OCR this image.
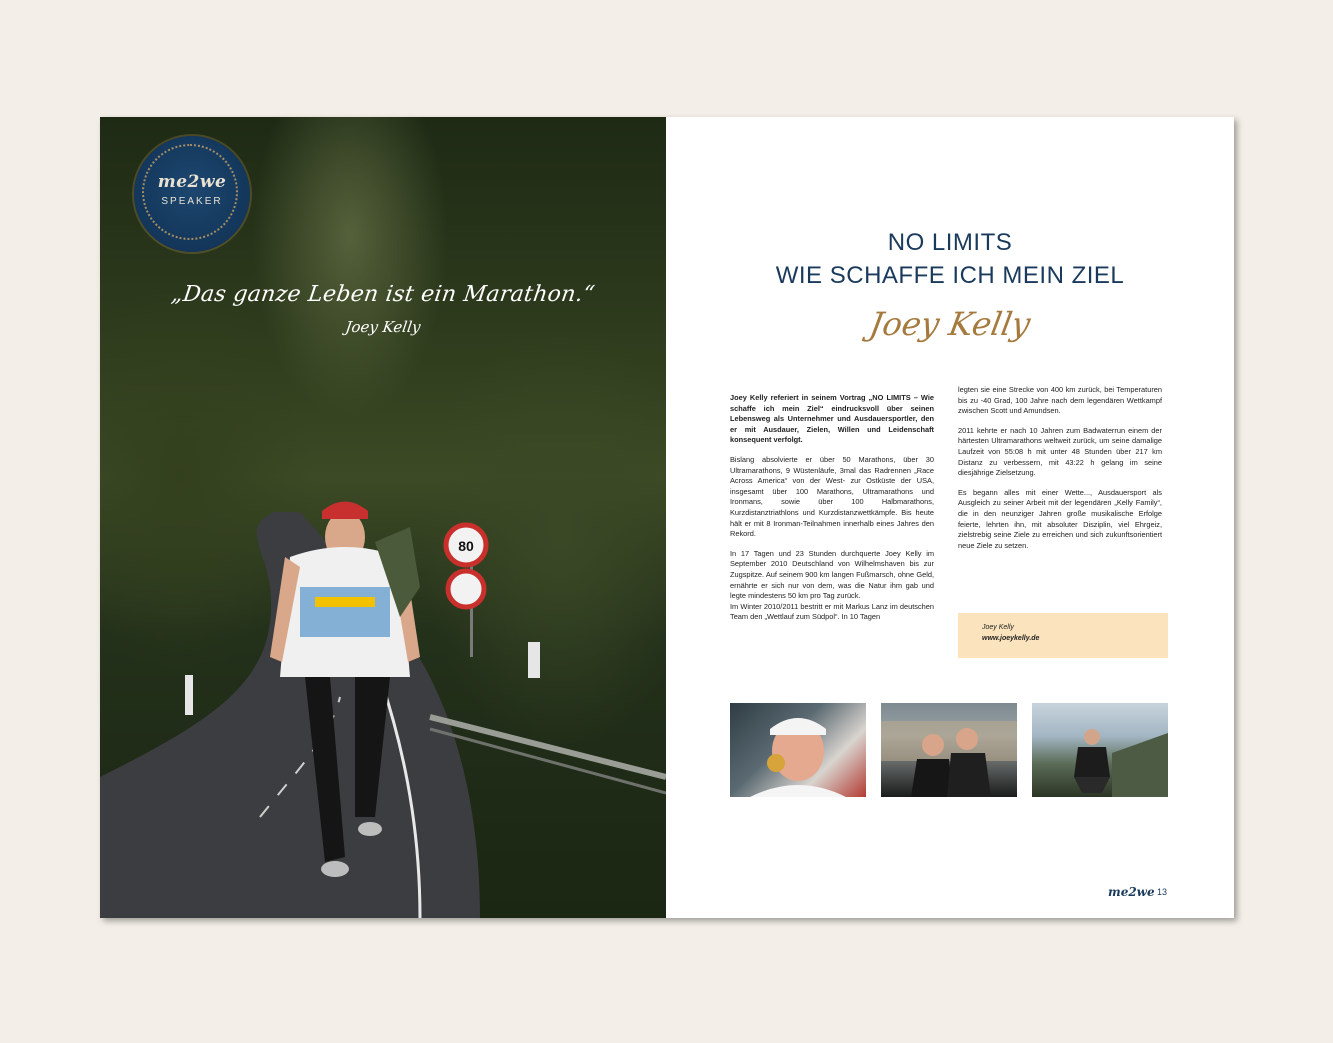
80
me2we
SPEAKER
„Das ganze Leben ist ein Marathon.“
Joey Kelly
NO LIMITS
WIE SCHAFFE ICH MEIN ZIEL
Joey Kelly

Joey Kelly referiert in seinem Vortrag „NO LIMITS – Wie schaffe ich mein Ziel“ eindrucksvoll über seinen Lebensweg als Unternehmer und Ausdauersportler, den er mit Ausdauer, Zielen, Willen und Leidenschaft konsequent verfolgt.

Bislang absolvierte er über 50 Marathons, über 30 Ultramarathons, 9 Wüstenläufe, 3mal das Radrennen „Race Across America“ von der West- zur Ostküste der USA, insgesamt über 100 Marathons, Ultramarathons und Ironmans, sowie über 100 Halbmarathons, Kurzdistanztriathlons und Kurzdistanzwettkämpfe. Bis heute hält er mit 8 Ironman-Teilnahmen innerhalb eines Jahres den Rekord.

In 17 Tagen und 23 Stunden durchquerte Joey Kelly im September 2010 Deutschland von Wilhelmshaven bis zur Zugspitze. Auf seinem 900 km langen Fußmarsch, ohne Geld, ernährte er sich nur von dem, was die Natur ihm gab und legte mindestens 50 km pro Tag zurück.

Im Winter 2010/2011 bestritt er mit Markus Lanz im deutschen Team den „Wettlauf zum Südpol“. In 10 Tagen

legten sie eine Strecke von 400 km zurück, bei Temperaturen bis zu -40 Grad, 100 Jahre nach dem legendären Wettkampf zwischen Scott und Amundsen.

2011 kehrte er nach 10 Jahren zum Badwaterrun einem der härtesten Ultramarathons weltweit zurück, um seine damalige Laufzeit von 55:08 h mit unter 48 Stunden über 217 km Distanz zu verbessern, mit 43:22 h gelang im seine diesjährige Zielsetzung.

Es begann alles mit einer Wette..., Ausdauersport als Ausgleich zu seiner Arbeit mit der legendären „Kelly Family“, die in den neunziger Jahren große musikalische Erfolge feierte, lehrten ihn, mit absoluter Disziplin, viel Ehrgeiz, zielstrebig seine Ziele zu erreichen und sich zukunftsorientiert neue Ziele zu setzen.

Joey Kelly
www.joeykelly.de
me2we 13
